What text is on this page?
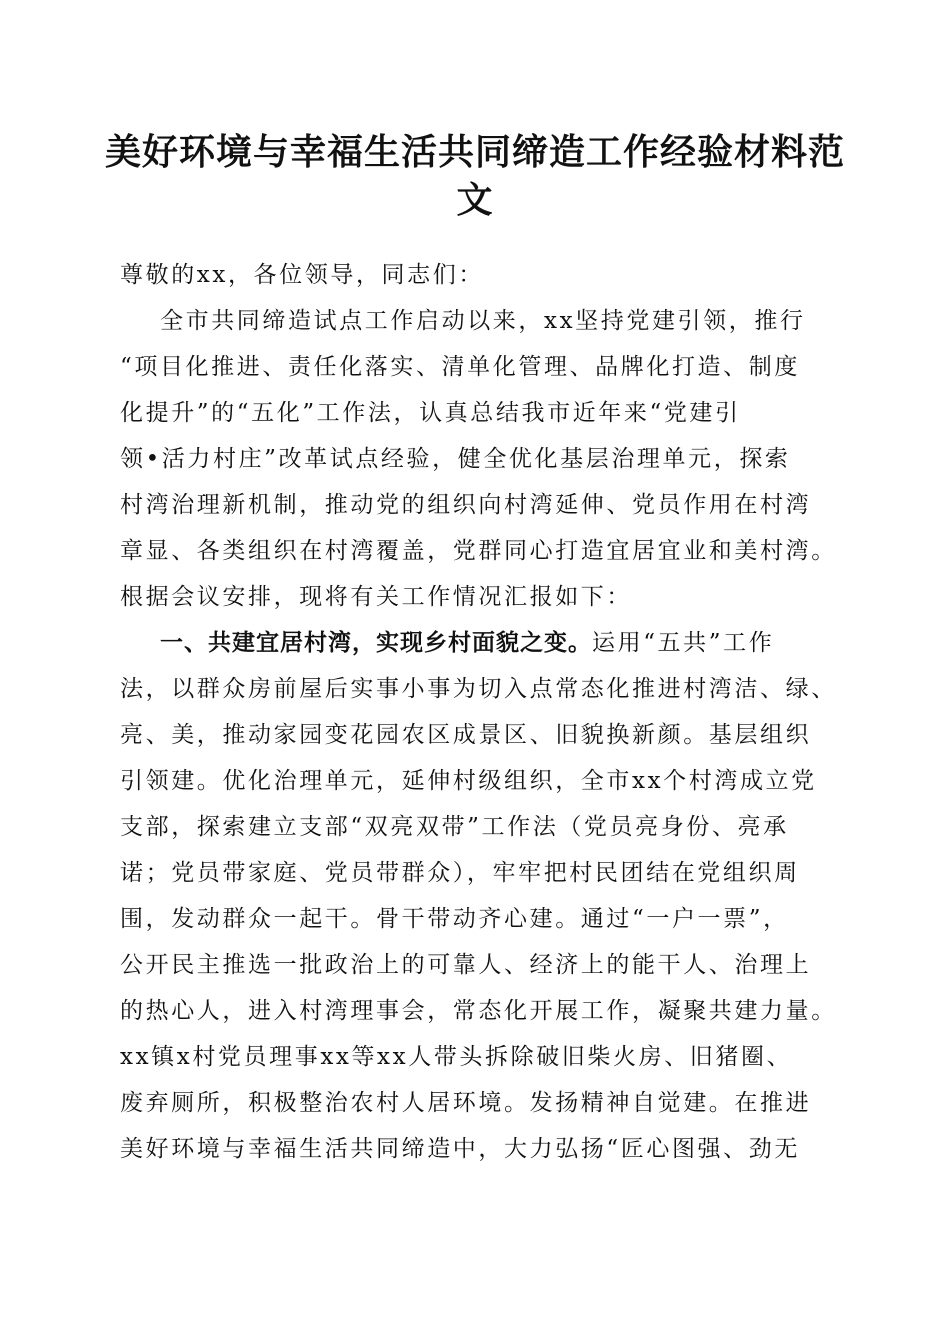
美好环境与幸福生活共同缔造工作经验材料范
文
尊敬的xx，各位领导，同志们：
全市共同缔造试点工作启动以来，xx坚持党建引领，推行
“项目化推进、责任化落实、清单化管理、品牌化打造、制度
化提升”的“五化”工作法，认真总结我市近年来“党建引
领•活力村庄”改革试点经验，健全优化基层治理单元，探索
村湾治理新机制，推动党的组织向村湾延伸、党员作用在村湾
章显、各类组织在村湾覆盖，党群同心打造宜居宜业和美村湾。
根据会议安排，现将有关工作情况汇报如下：
一、共建宜居村湾，实现乡村面貌之变。运用“五共”工作
法，以群众房前屋后实事小事为切入点常态化推进村湾洁、绿、
亮、美，推动家园变花园农区成景区、旧貌换新颜。基层组织
引领建。优化治理单元，延伸村级组织，全市xx个村湾成立党
支部，探索建立支部“双亮双带”工作法（党员亮身份、亮承
诺；党员带家庭、党员带群众），牢牢把村民团结在党组织周
围，发动群众一起干。骨干带动齐心建。通过“一户一票”，
公开民主推选一批政治上的可靠人、经济上的能干人、治理上
的热心人，进入村湾理事会，常态化开展工作，凝聚共建力量。
xx镇x村党员理事xx等xx人带头拆除破旧柴火房、旧猪圈、
废弃厕所，积极整治农村人居环境。发扬精神自觉建。在推进
美好环境与幸福生活共同缔造中，大力弘扬“匠心图强、劲无
